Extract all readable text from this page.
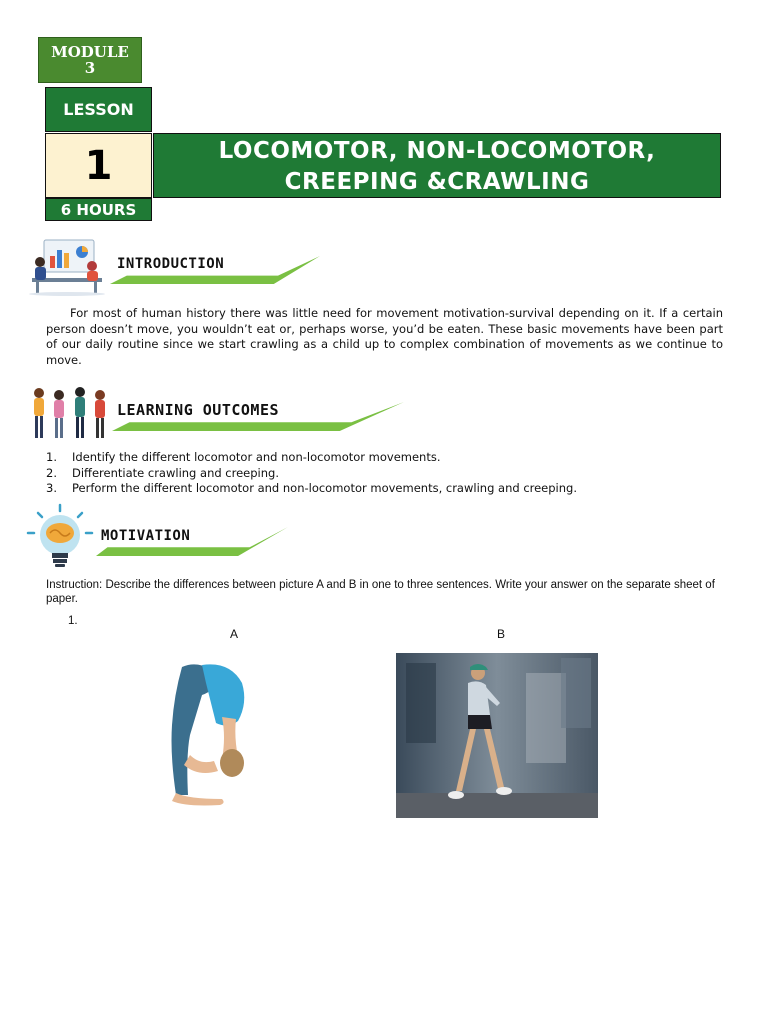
MODULE
3
LESSON
1
6 HOURS
LOCOMOTOR, NON-LOCOMOTOR,
CREEPING &CRAWLING
INTRODUCTION
For most of human history there was little need for movement motivation-survival depending on it. If a certain person doesn’t move, you wouldn’t eat or, perhaps worse, you’d be eaten. These basic movements have been part of our daily routine since we start crawling as a child up to complex combination of movements as we continue to move.
LEARNING OUTCOMES
1.	Identify the different locomotor and non-locomotor movements.
2.	Differentiate crawling and creeping.
3.	Perform the different locomotor and non-locomotor movements, crawling and creeping.
MOTIVATION
Instruction: Describe the differences between picture A and B in one to three sentences. Write your answer on the separate sheet of paper.
1.
A	B
